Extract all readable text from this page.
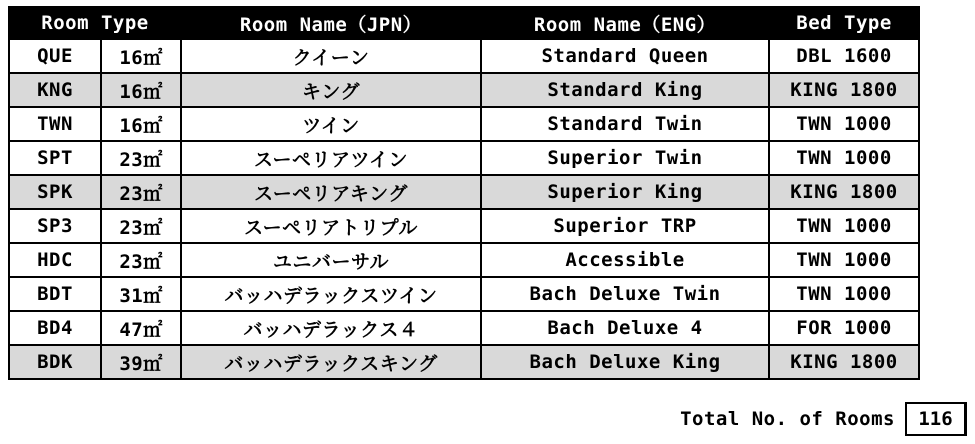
Room Type		Room Name（JPN）	Room Name（ENG）	Bed Type
QUE	16㎡	クイーン	Standard Queen	DBL 1600
KNG	16㎡	キング	Standard King	KING 1800
TWN	16㎡	ツイン	Standard Twin	TWN 1000
SPT	23㎡	スーペリアツイン	Superior Twin	TWN 1000
SPK	23㎡	スーペリアキング	Superior King	KING 1800
SP3	23㎡	スーペリアトリプル	Superior TRP	TWN 1000
HDC	23㎡	ユニバーサル	Accessible	TWN 1000
BDT	31㎡	バッハデラックスツイン	Bach Deluxe Twin	TWN 1000
BD4	47㎡	バッハデラックス４	Bach Deluxe 4	FOR 1000
BDK	39㎡	バッハデラックスキング	Bach Deluxe King	KING 1800
Total No. of Rooms	116
